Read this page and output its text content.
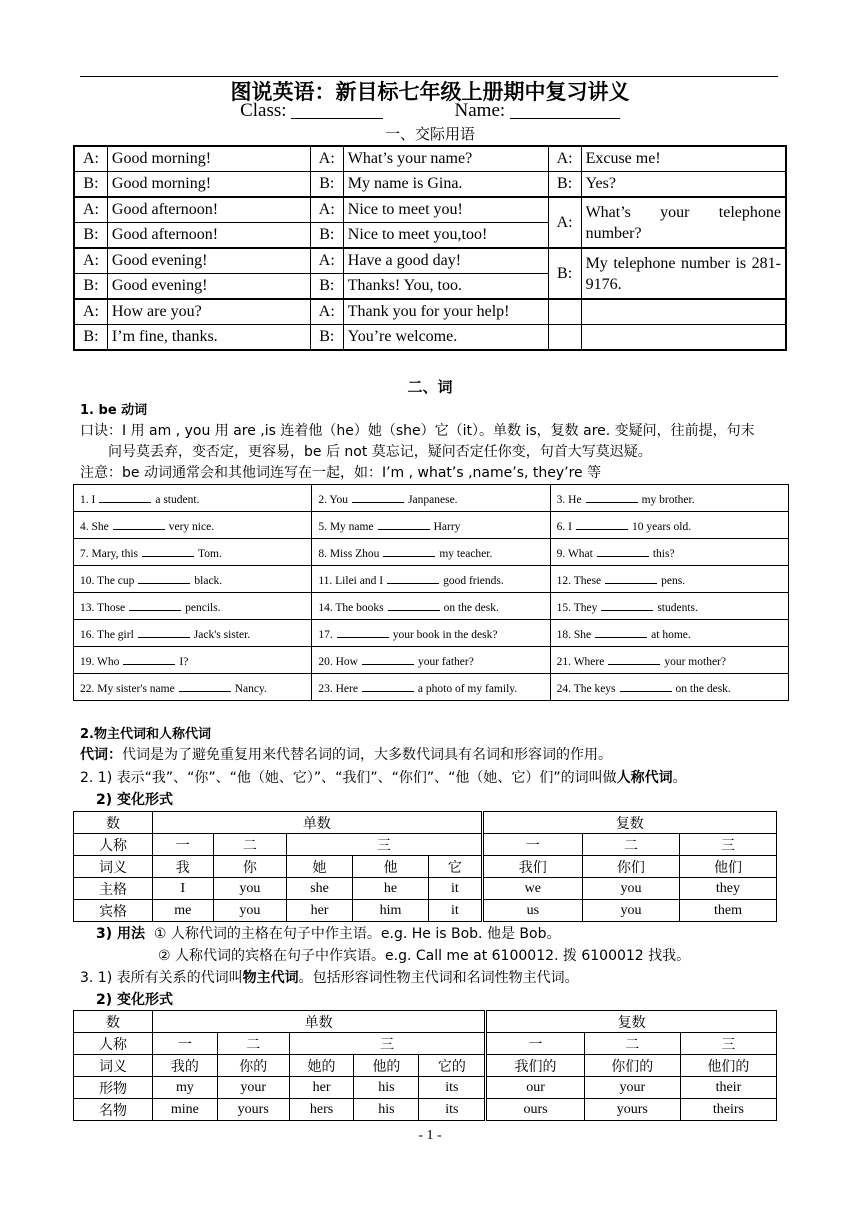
图说英语：新目标七年级上册期中复习讲义
Class:	Name:
一、交际用语
A:	Good morning!	A:	What’s your name?	A:	Excuse me!
B:	Good morning!	B:	My name is Gina.	B:	Yes?
A:	Good afternoon!	A:	Nice to meet you!	A:	What’s your telephone number?
B:	Good afternoon!	B:	Nice to meet you,too!		
A:	Good evening!	A:	Have a good day!	B:	My telephone number is 281-9176.
B:	Good evening!	B:	Thanks! You, too.		
A:	How are you?	A:	Thank you for your help!		
B:	I’m fine, thanks.	B:	You’re welcome.		
二、词
1. be 动词
口诀：I 用 am , you 用 are ,is 连着他（he）她（she）它（it）。单数 is，复数 are. 变疑问，往前提，句末
问号莫丢弃，变否定，更容易，be 后 not 莫忘记，疑问否定任你变，句首大写莫迟疑。
注意：be 动词通常会和其他词连写在一起，如：I’m , what’s ,name’s, they’re 等
1. I a student.	2. You Janpanese.	3. He my brother.
4. She very nice.	5. My name Harry	6. I 10 years old.
7. Mary, this Tom.	8. Miss Zhou my teacher.	9. What this?
10. The cup black.	11. Lilei and I good friends.	12. These pens.
13. Those pencils.	14. The books on the desk.	15. They students.
16. The girl Jack's sister.	17. your book in the desk?	18. She at home.
19. Who I?	20. How your father?	21. Where your mother?
22. My sister's name Nancy.	23. Here a photo of my family.	24. The keys on the desk.
2.物主代词和人称代词
代词：代词是为了避免重复用来代替名词的词，大多数代词具有名词和形容词的作用。
2. 1) 表示“我”、“你”、“他（她、它）”、“我们”、“你们”、“他（她、它）们”的词叫做人称代词。
2) 变化形式
数	单数					复数		
人称	一	二	三			一	二	三
词义	我	你	她	他	它	我们	你们	他们
主格	I	you	she	he	it	we	you	they
宾格	me	you	her	him	it	us	you	them
3) 用法 ① 人称代词的主格在句子中作主语。e.g. He is Bob. 他是 Bob。
② 人称代词的宾格在句子中作宾语。e.g. Call me at 6100012. 拨 6100012 找我。
3. 1) 表所有关系的代词叫物主代词。包括形容词性物主代词和名词性物主代词。
2) 变化形式
数	单数					复数		
人称	一	二	三			一	二	三
词义	我的	你的	她的	他的	它的	我们的	你们的	他们的
形物	my	your	her	his	its	our	your	their
名物	mine	yours	hers	his	its	ours	yours	theirs
- 1 -
